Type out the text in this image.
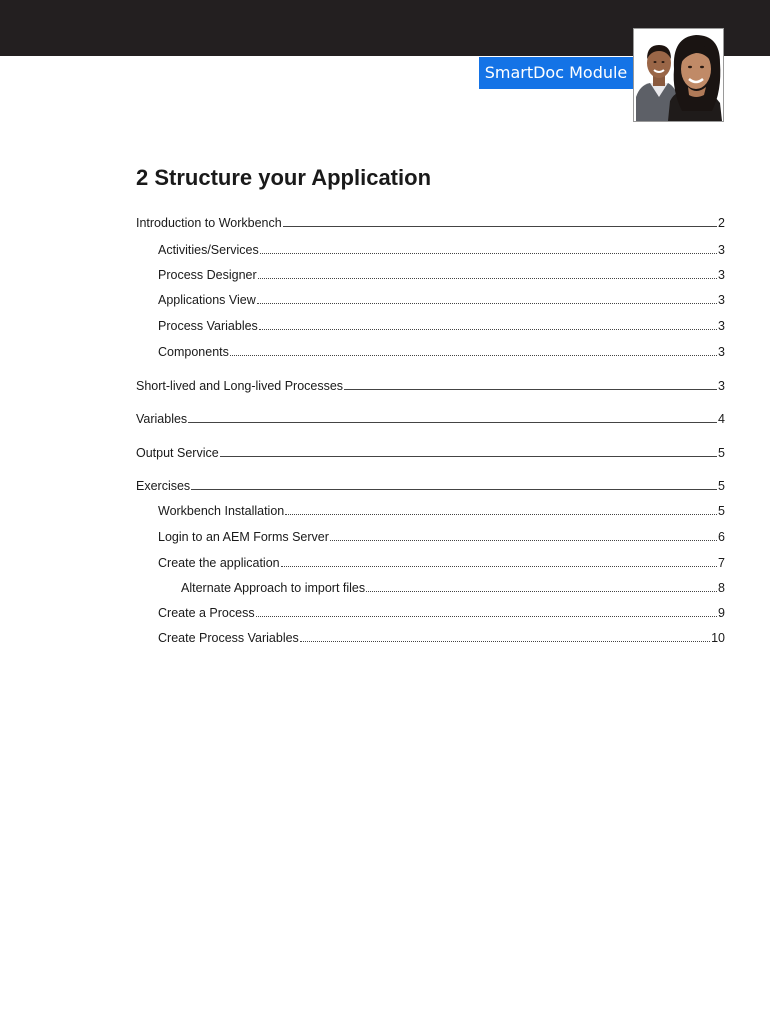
SmartDoc Module
2 Structure your Application
Introduction to Workbench	2
Activities/Services	3
Process Designer	3
Applications View	3
Process Variables	3
Components	3
Short-lived and Long-lived Processes	3
Variables	4
Output Service	5
Exercises	5
Workbench Installation	5
Login to an AEM Forms Server	6
Create the application	7
Alternate Approach to import files	8
Create a Process	9
Create Process Variables	10
